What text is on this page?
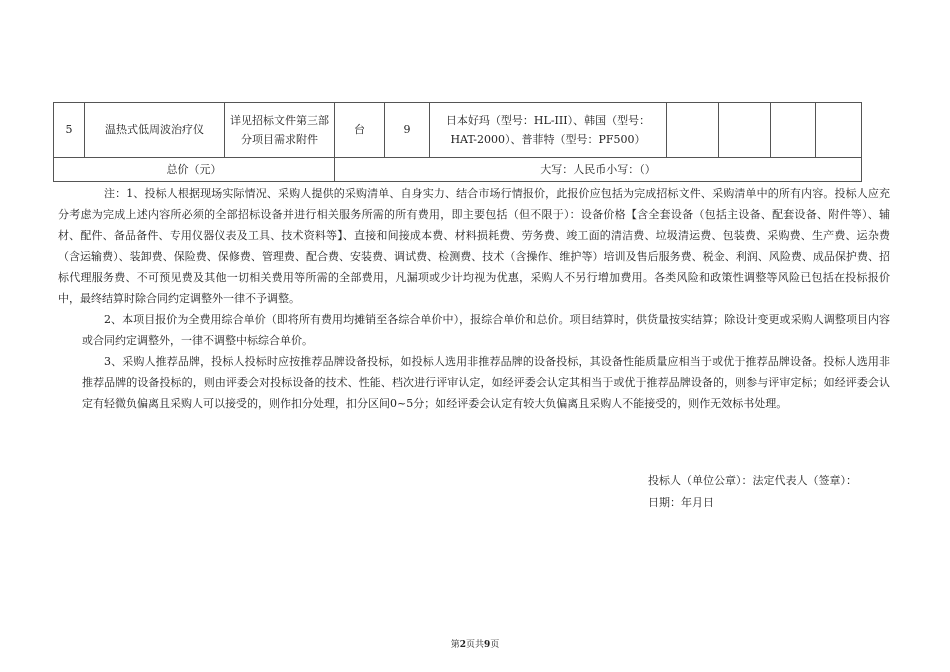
5	温热式低周波治疗仪	详见招标文件第三部分项目需求附件	台	9	日本好玛（型号：HL-III）、韩国（型号：HAT-2000）、普菲特（型号：PF500）				
总价（元）			大写：人民币小写：（）						

注：1、投标人根据现场实际情况、采购人提供的采购清单、自身实力、结合市场行情报价，此报价应包括为完成招标文件、采购清单中的所有内容。投标人应充分考虑为完成上述内容所必须的全部招标设备并进行相关服务所需的所有费用，即主要包括（但不限于）：设备价格【含全套设备（包括主设备、配套设备、附件等）、辅材、配件、备品备件、专用仪器仪表及工具、技术资料等】、直接和间接成本费、材料损耗费、劳务费、竣工面的清洁费、垃圾清运费、包装费、采购费、生产费、运杂费（含运输费）、装卸费、保险费、保修费、管理费、配合费、安装费、调试费、检测费、技术（含操作、维护等）培训及售后服务费、税金、利润、风险费、成品保护费、招标代理服务费、不可预见费及其他一切相关费用等所需的全部费用，凡漏项或少计均视为优惠，采购人不另行增加费用。各类风险和政策性调整等风险已包括在投标报价中，最终结算时除合同约定调整外一律不予调整。

2、本项目报价为全费用综合单价（即将所有费用均摊销至各综合单价中），报综合单价和总价。项目结算时，供货量按实结算；除设计变更或采购人调整项目内容或合同约定调整外，一律不调整中标综合单价。

3、采购人推荐品牌，投标人投标时应按推荐品牌设备投标，如投标人选用非推荐品牌的设备投标，其设备性能质量应相当于或优于推荐品牌设备。投标人选用非推荐品牌的设备投标的，则由评委会对投标设备的技术、性能、档次进行评审认定，如经评委会认定其相当于或优于推荐品牌设备的，则参与评审定标；如经评委会认定有轻微负偏离且采购人可以接受的，则作扣分处理，扣分区间0~5分；如经评委会认定有较大负偏离且采购人不能接受的，则作无效标书处理。

投标人（单位公章）：法定代表人（签章）：
日期：年月日
第2页共9页
